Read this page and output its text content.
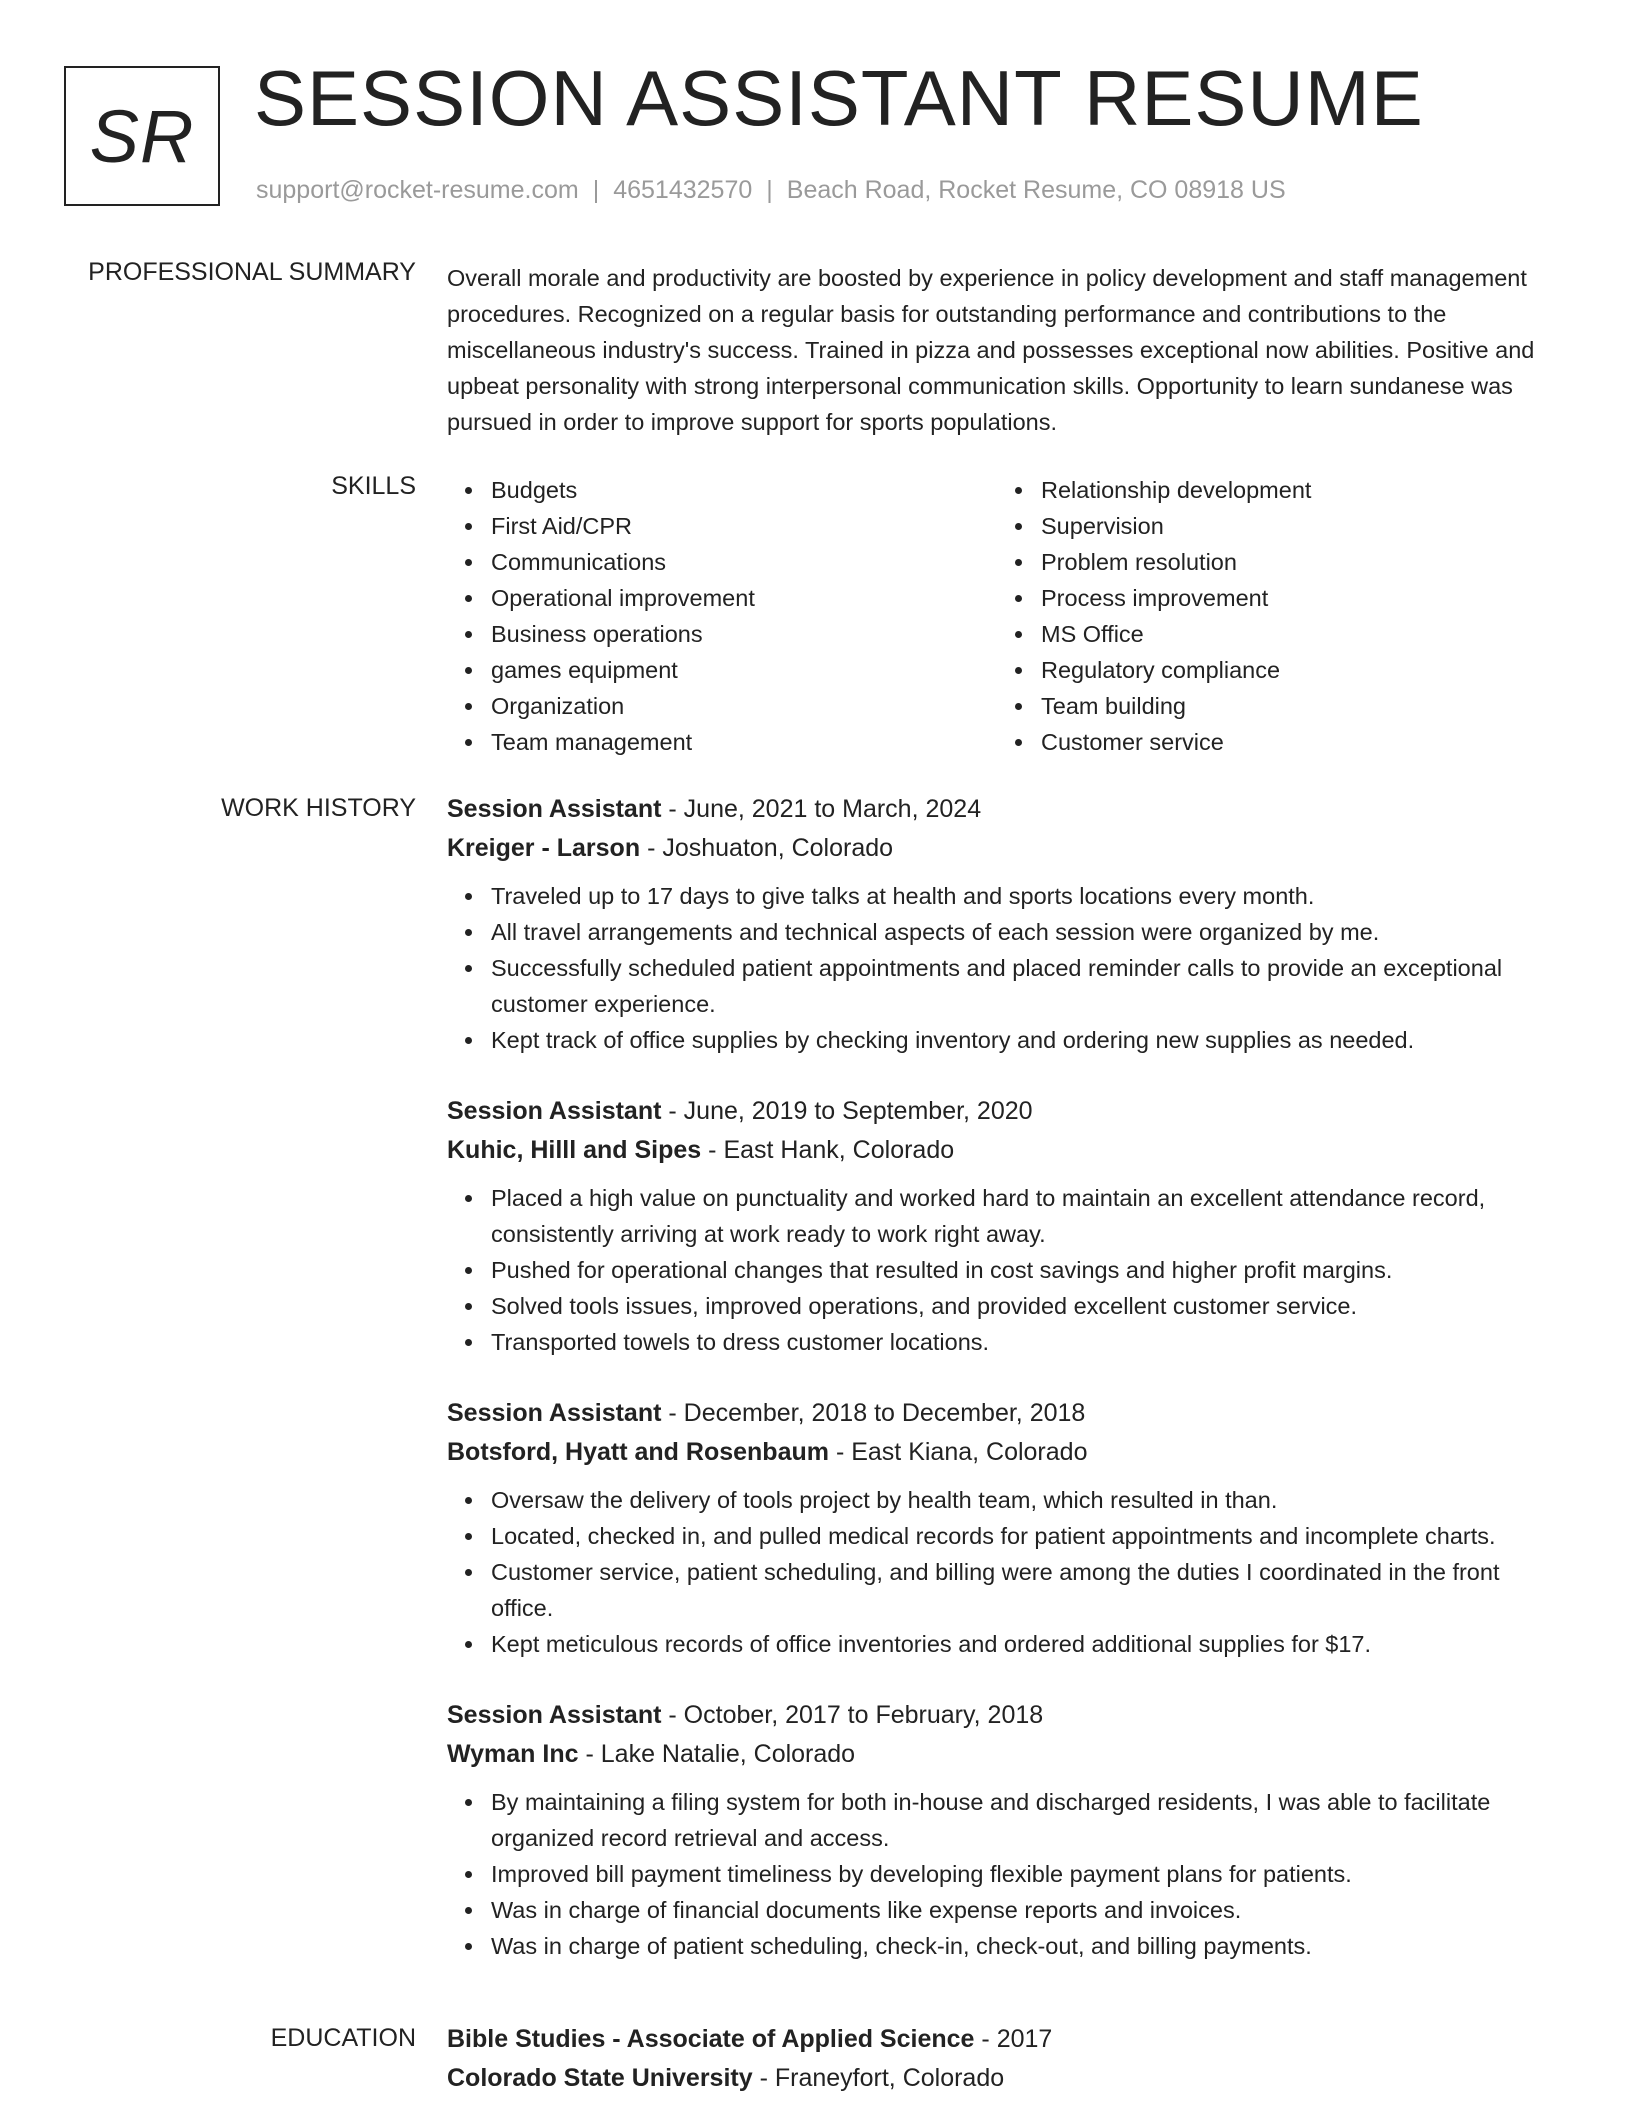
SR SESSION ASSISTANT RESUME
support@rocket-resume.com | 4651432570 | Beach Road, Rocket Resume, CO 08918 US
PROFESSIONAL SUMMARY Overall morale and productivity are boosted by experience in policy development and staff management procedures. Recognized on a regular basis for outstanding performance and contributions to the miscellaneous industry's success. Trained in pizza and possesses exceptional now abilities. Positive and upbeat personality with strong interpersonal communication skills. Opportunity to learn sundanese was pursued in order to improve support for sports populations.

SKILLS	Budgets
First Aid/CPR
Communications
Operational improvement
Business operations
games equipment
Organization
Team management
Relationship development
Supervision
Problem resolution
Process improvement
MS Office
Regulatory compliance
Team building
Customer service
WORK HISTORY Session Assistant - June, 2021 to March, 2024
Kreiger - Larson - Joshuaton, Colorado
Traveled up to 17 days to give talks at health and sports locations every month.
All travel arrangements and technical aspects of each session were organized by me.
Successfully scheduled patient appointments and placed reminder calls to provide an exceptional customer experience.
Kept track of office supplies by checking inventory and ordering new supplies as needed.
Session Assistant - June, 2019 to September, 2020
Kuhic, Hilll and Sipes - East Hank, Colorado
Placed a high value on punctuality and worked hard to maintain an excellent attendance record, consistently arriving at work ready to work right away.
Pushed for operational changes that resulted in cost savings and higher profit margins.
Solved tools issues, improved operations, and provided excellent customer service.
Transported towels to dress customer locations.
Session Assistant - December, 2018 to December, 2018
Botsford, Hyatt and Rosenbaum - East Kiana, Colorado
Oversaw the delivery of tools project by health team, which resulted in than.
Located, checked in, and pulled medical records for patient appointments and incomplete charts.
Customer service, patient scheduling, and billing were among the duties I coordinated in the front office.
Kept meticulous records of office inventories and ordered additional supplies for $17.
Session Assistant - October, 2017 to February, 2018
Wyman Inc - Lake Natalie, Colorado
By maintaining a filing system for both in-house and discharged residents, I was able to facilitate organized record retrieval and access.
Improved bill payment timeliness by developing flexible payment plans for patients.
Was in charge of financial documents like expense reports and invoices.
Was in charge of patient scheduling, check-in, check-out, and billing payments.
EDUCATION Bible Studies - Associate of Applied Science - 2017
Colorado State University - Franeyfort, Colorado
